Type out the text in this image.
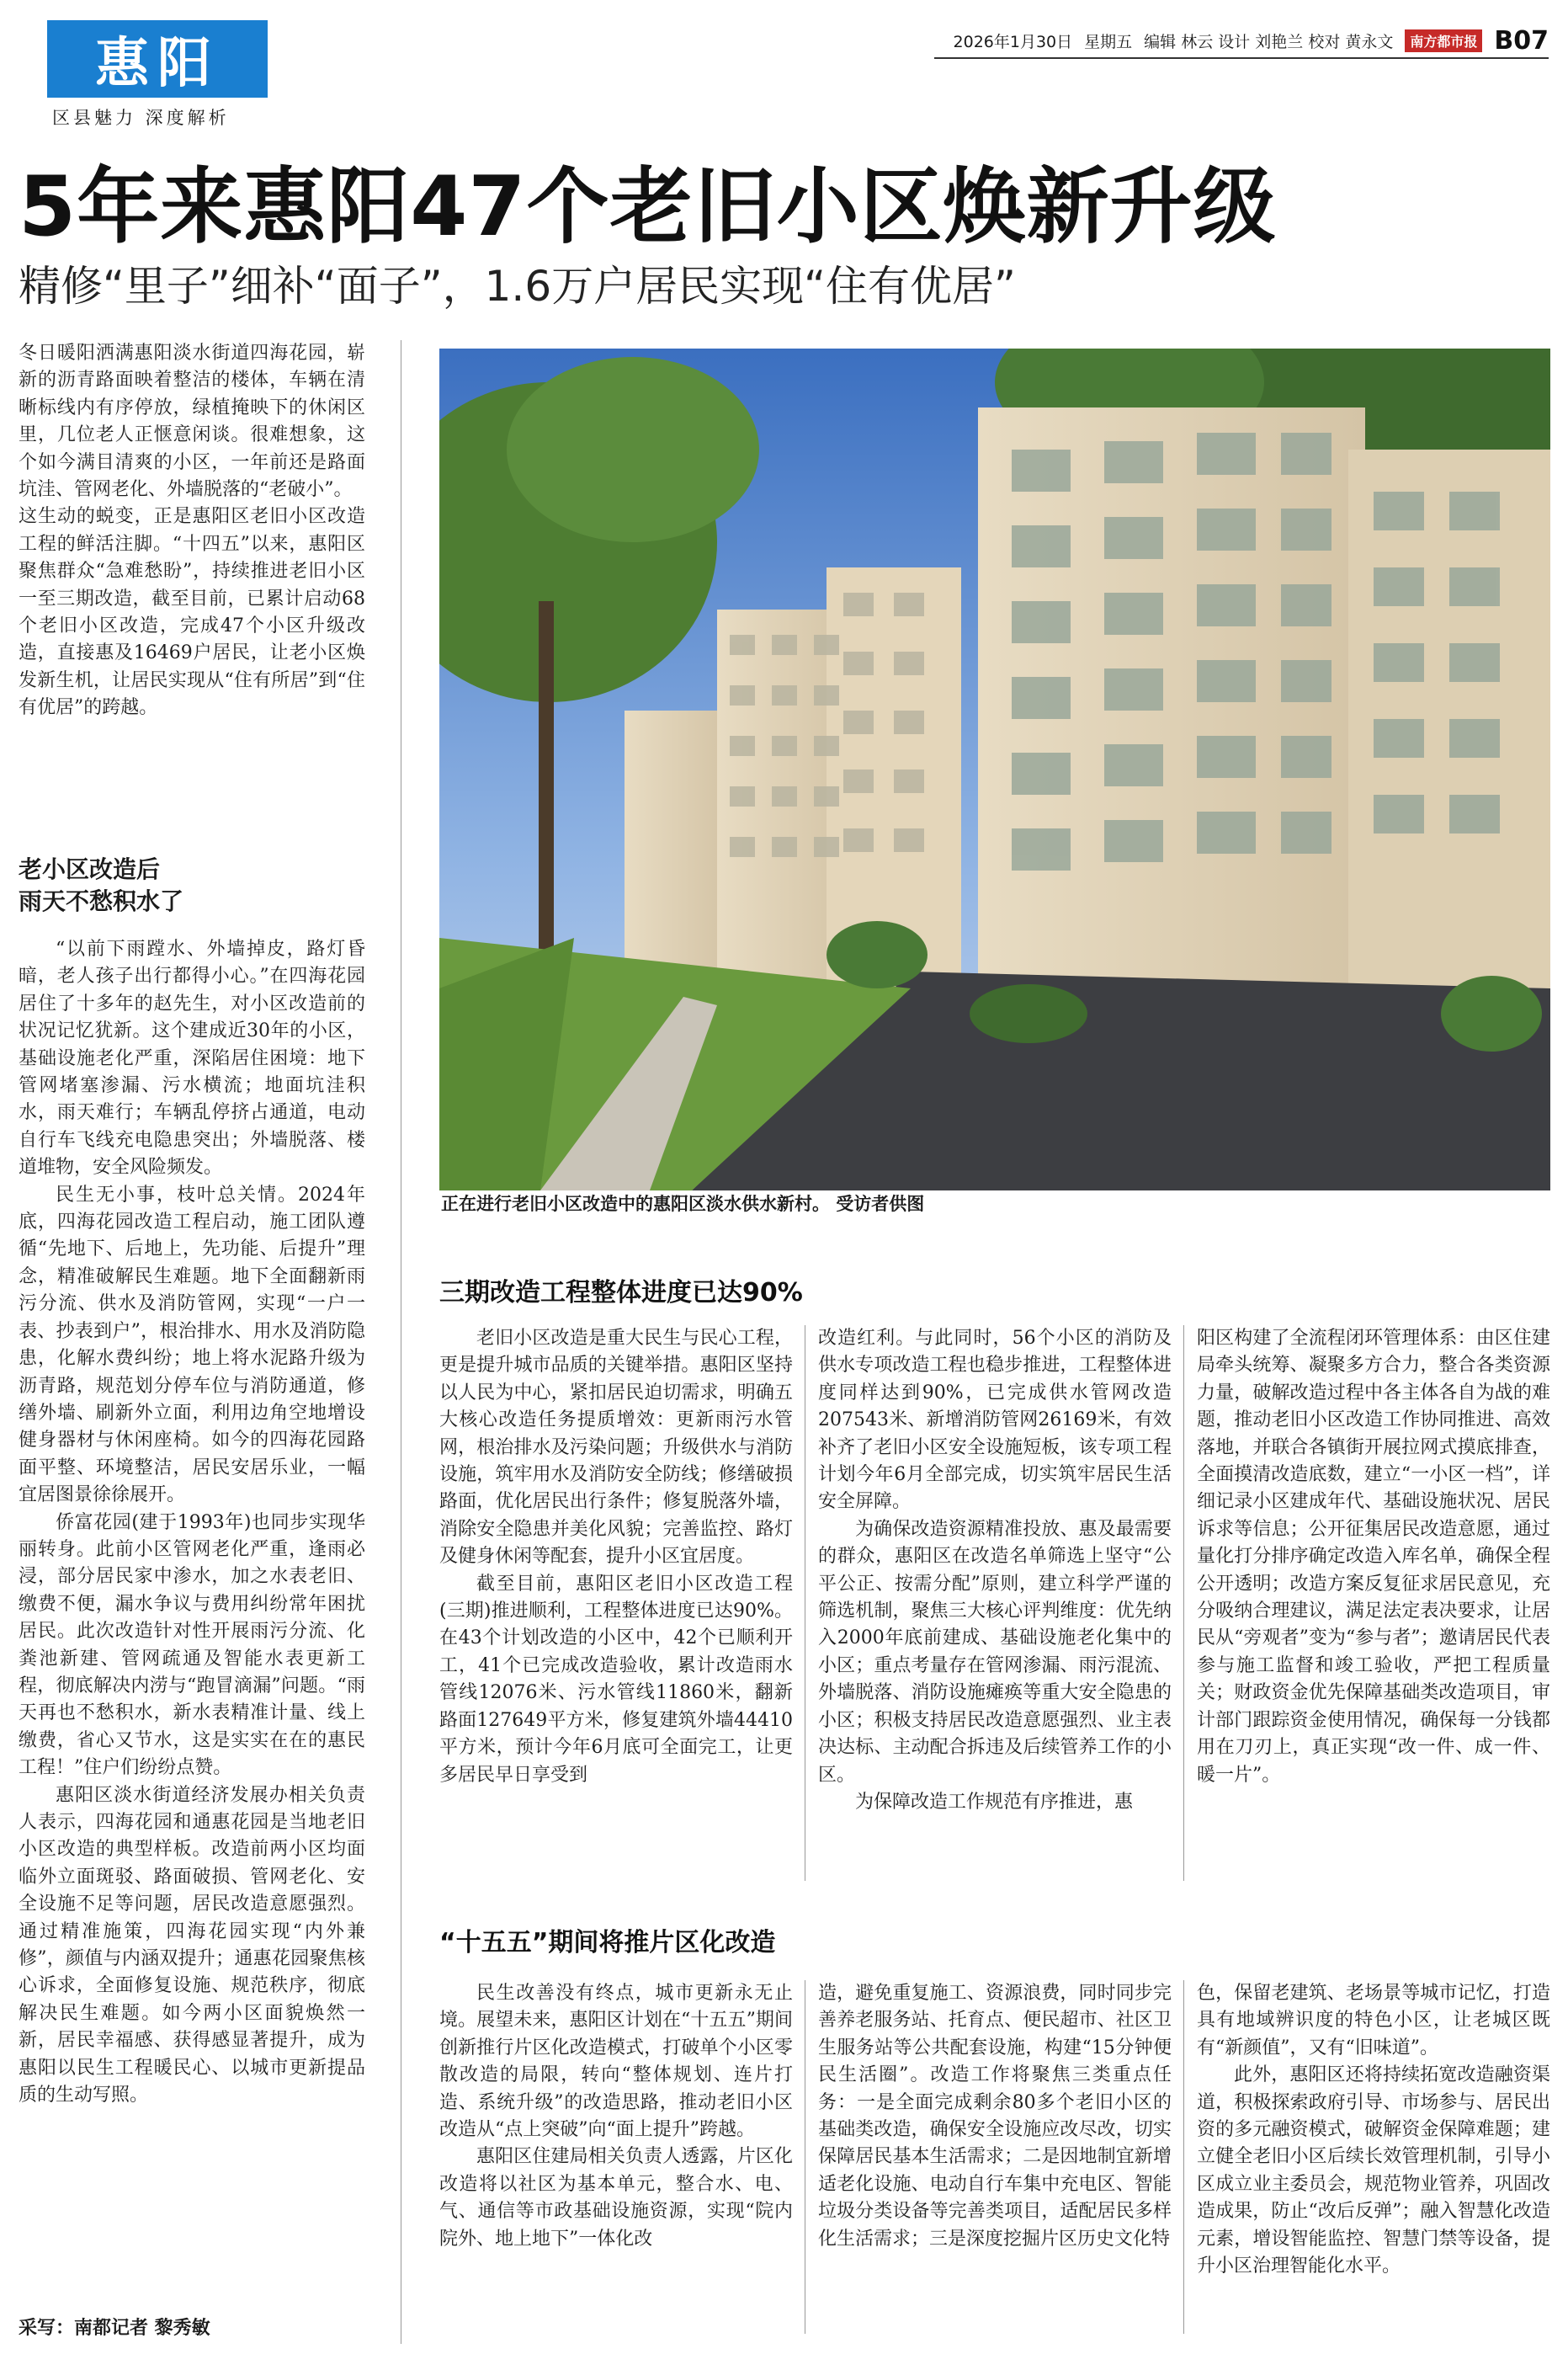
惠阳
区县魅力 深度解析
2026年1月30日 星期五 编辑 林云 设计 刘艳兰 校对 黄永文	南方都市报 B07
5年来惠阳47个老旧小区焕新升级
精修“里子”细补“面子”，1.6万户居民实现“住有优居”

冬日暖阳洒满惠阳淡水街道四海花园，崭新的沥青路面映着整洁的楼体，车辆在清晰标线内有序停放，绿植掩映下的休闲区里，几位老人正惬意闲谈。很难想象，这个如今满目清爽的小区，一年前还是路面坑洼、管网老化、外墙脱落的“老破小”。

这生动的蜕变，正是惠阳区老旧小区改造工程的鲜活注脚。“十四五”以来，惠阳区聚焦群众“急难愁盼”，持续推进老旧小区一至三期改造，截至目前，已累计启动68个老旧小区改造，完成47个小区升级改造，直接惠及16469户居民，让老小区焕发新生机，让居民实现从“住有所居”到“住有优居”的跨越。

老小区改造后
雨天不愁积水了

“以前下雨蹚水、外墙掉皮，路灯昏暗，老人孩子出行都得小心。”在四海花园居住了十多年的赵先生，对小区改造前的状况记忆犹新。这个建成近30年的小区，基础设施老化严重，深陷居住困境：地下管网堵塞渗漏、污水横流；地面坑洼积水，雨天难行；车辆乱停挤占通道，电动自行车飞线充电隐患突出；外墙脱落、楼道堆物，安全风险频发。

民生无小事，枝叶总关情。2024年底，四海花园改造工程启动，施工团队遵循“先地下、后地上，先功能、后提升”理念，精准破解民生难题。地下全面翻新雨污分流、供水及消防管网，实现“一户一表、抄表到户”，根治排水、用水及消防隐患，化解水费纠纷；地上将水泥路升级为沥青路，规范划分停车位与消防通道，修缮外墙、刷新外立面，利用边角空地增设健身器材与休闲座椅。如今的四海花园路面平整、环境整洁，居民安居乐业，一幅宜居图景徐徐展开。

侨富花园(建于1993年)也同步实现华丽转身。此前小区管网老化严重，逢雨必浸，部分居民家中渗水，加之水表老旧、缴费不便，漏水争议与费用纠纷常年困扰居民。此次改造针对性开展雨污分流、化粪池新建、管网疏通及智能水表更新工程，彻底解决内涝与“跑冒滴漏”问题。“雨天再也不愁积水，新水表精准计量、线上缴费，省心又节水，这是实实在在的惠民工程！”住户们纷纷点赞。

惠阳区淡水街道经济发展办相关负责人表示，四海花园和通惠花园是当地老旧小区改造的典型样板。改造前两小区均面临外立面斑驳、路面破损、管网老化、安全设施不足等问题，居民改造意愿强烈。通过精准施策，四海花园实现“内外兼修”，颜值与内涵双提升；通惠花园聚焦核心诉求，全面修复设施、规范秩序，彻底解决民生难题。如今两小区面貌焕然一新，居民幸福感、获得感显著提升，成为惠阳以民生工程暖民心、以城市更新提品质的生动写照。

采写：南都记者 黎秀敏
正在进行老旧小区改造中的惠阳区淡水供水新村。 受访者供图
三期改造工程整体进度已达90%

老旧小区改造是重大民生与民心工程，更是提升城市品质的关键举措。惠阳区坚持以人民为中心，紧扣居民迫切需求，明确五大核心改造任务提质增效：更新雨污水管网，根治排水及污染问题；升级供水与消防设施，筑牢用水及消防安全防线；修缮破损路面，优化居民出行条件；修复脱落外墙，消除安全隐患并美化风貌；完善监控、路灯及健身休闲等配套，提升小区宜居度。

截至目前，惠阳区老旧小区改造工程(三期)推进顺利，工程整体进度已达90%。在43个计划改造的小区中，42个已顺利开工，41个已完成改造验收，累计改造雨水管线12076米、污水管线11860米，翻新路面127649平方米，修复建筑外墙44410平方米，预计今年6月底可全面完工，让更多居民早日享受到

改造红利。与此同时，56个小区的消防及供水专项改造工程也稳步推进，工程整体进度同样达到90%，已完成供水管网改造207543米、新增消防管网26169米，有效补齐了老旧小区安全设施短板，该专项工程计划今年6月全部完成，切实筑牢居民生活安全屏障。

为确保改造资源精准投放、惠及最需要的群众，惠阳区在改造名单筛选上坚守“公平公正、按需分配”原则，建立科学严谨的筛选机制，聚焦三大核心评判维度：优先纳入2000年底前建成、基础设施老化集中的小区；重点考量存在管网渗漏、雨污混流、外墙脱落、消防设施瘫痪等重大安全隐患的小区；积极支持居民改造意愿强烈、业主表决达标、主动配合拆违及后续管养工作的小区。

为保障改造工作规范有序推进，惠

阳区构建了全流程闭环管理体系：由区住建局牵头统筹、凝聚多方合力，整合各类资源力量，破解改造过程中各主体各自为战的难题，推动老旧小区改造工作协同推进、高效落地，并联合各镇街开展拉网式摸底排查，全面摸清改造底数，建立“一小区一档”，详细记录小区建成年代、基础设施状况、居民诉求等信息；公开征集居民改造意愿，通过量化打分排序确定改造入库名单，确保全程公开透明；改造方案反复征求居民意见，充分吸纳合理建议，满足法定表决要求，让居民从“旁观者”变为“参与者”；邀请居民代表参与施工监督和竣工验收，严把工程质量关；财政资金优先保障基础类改造项目，审计部门跟踪资金使用情况，确保每一分钱都用在刀刃上，真正实现“改一件、成一件、暖一片”。

“十五五”期间将推片区化改造

民生改善没有终点，城市更新永无止境。展望未来，惠阳区计划在“十五五”期间创新推行片区化改造模式，打破单个小区零散改造的局限，转向“整体规划、连片打造、系统升级”的改造思路，推动老旧小区改造从“点上突破”向“面上提升”跨越。

惠阳区住建局相关负责人透露，片区化改造将以社区为基本单元，整合水、电、气、通信等市政基础设施资源，实现“院内院外、地上地下”一体化改

造，避免重复施工、资源浪费，同时同步完善养老服务站、托育点、便民超市、社区卫生服务站等公共配套设施，构建“15分钟便民生活圈”。改造工作将聚焦三类重点任务：一是全面完成剩余80多个老旧小区的基础类改造，确保安全设施应改尽改，切实保障居民基本生活需求；二是因地制宜新增适老化设施、电动自行车集中充电区、智能垃圾分类设备等完善类项目，适配居民多样化生活需求；三是深度挖掘片区历史文化特

色，保留老建筑、老场景等城市记忆，打造具有地域辨识度的特色小区，让老城区既有“新颜值”，又有“旧味道”。

此外，惠阳区还将持续拓宽改造融资渠道，积极探索政府引导、市场参与、居民出资的多元融资模式，破解资金保障难题；建立健全老旧小区后续长效管理机制，引导小区成立业主委员会，规范物业管养，巩固改造成果，防止“改后反弹”；融入智慧化改造元素，增设智能监控、智慧门禁等设备，提升小区治理智能化水平。
